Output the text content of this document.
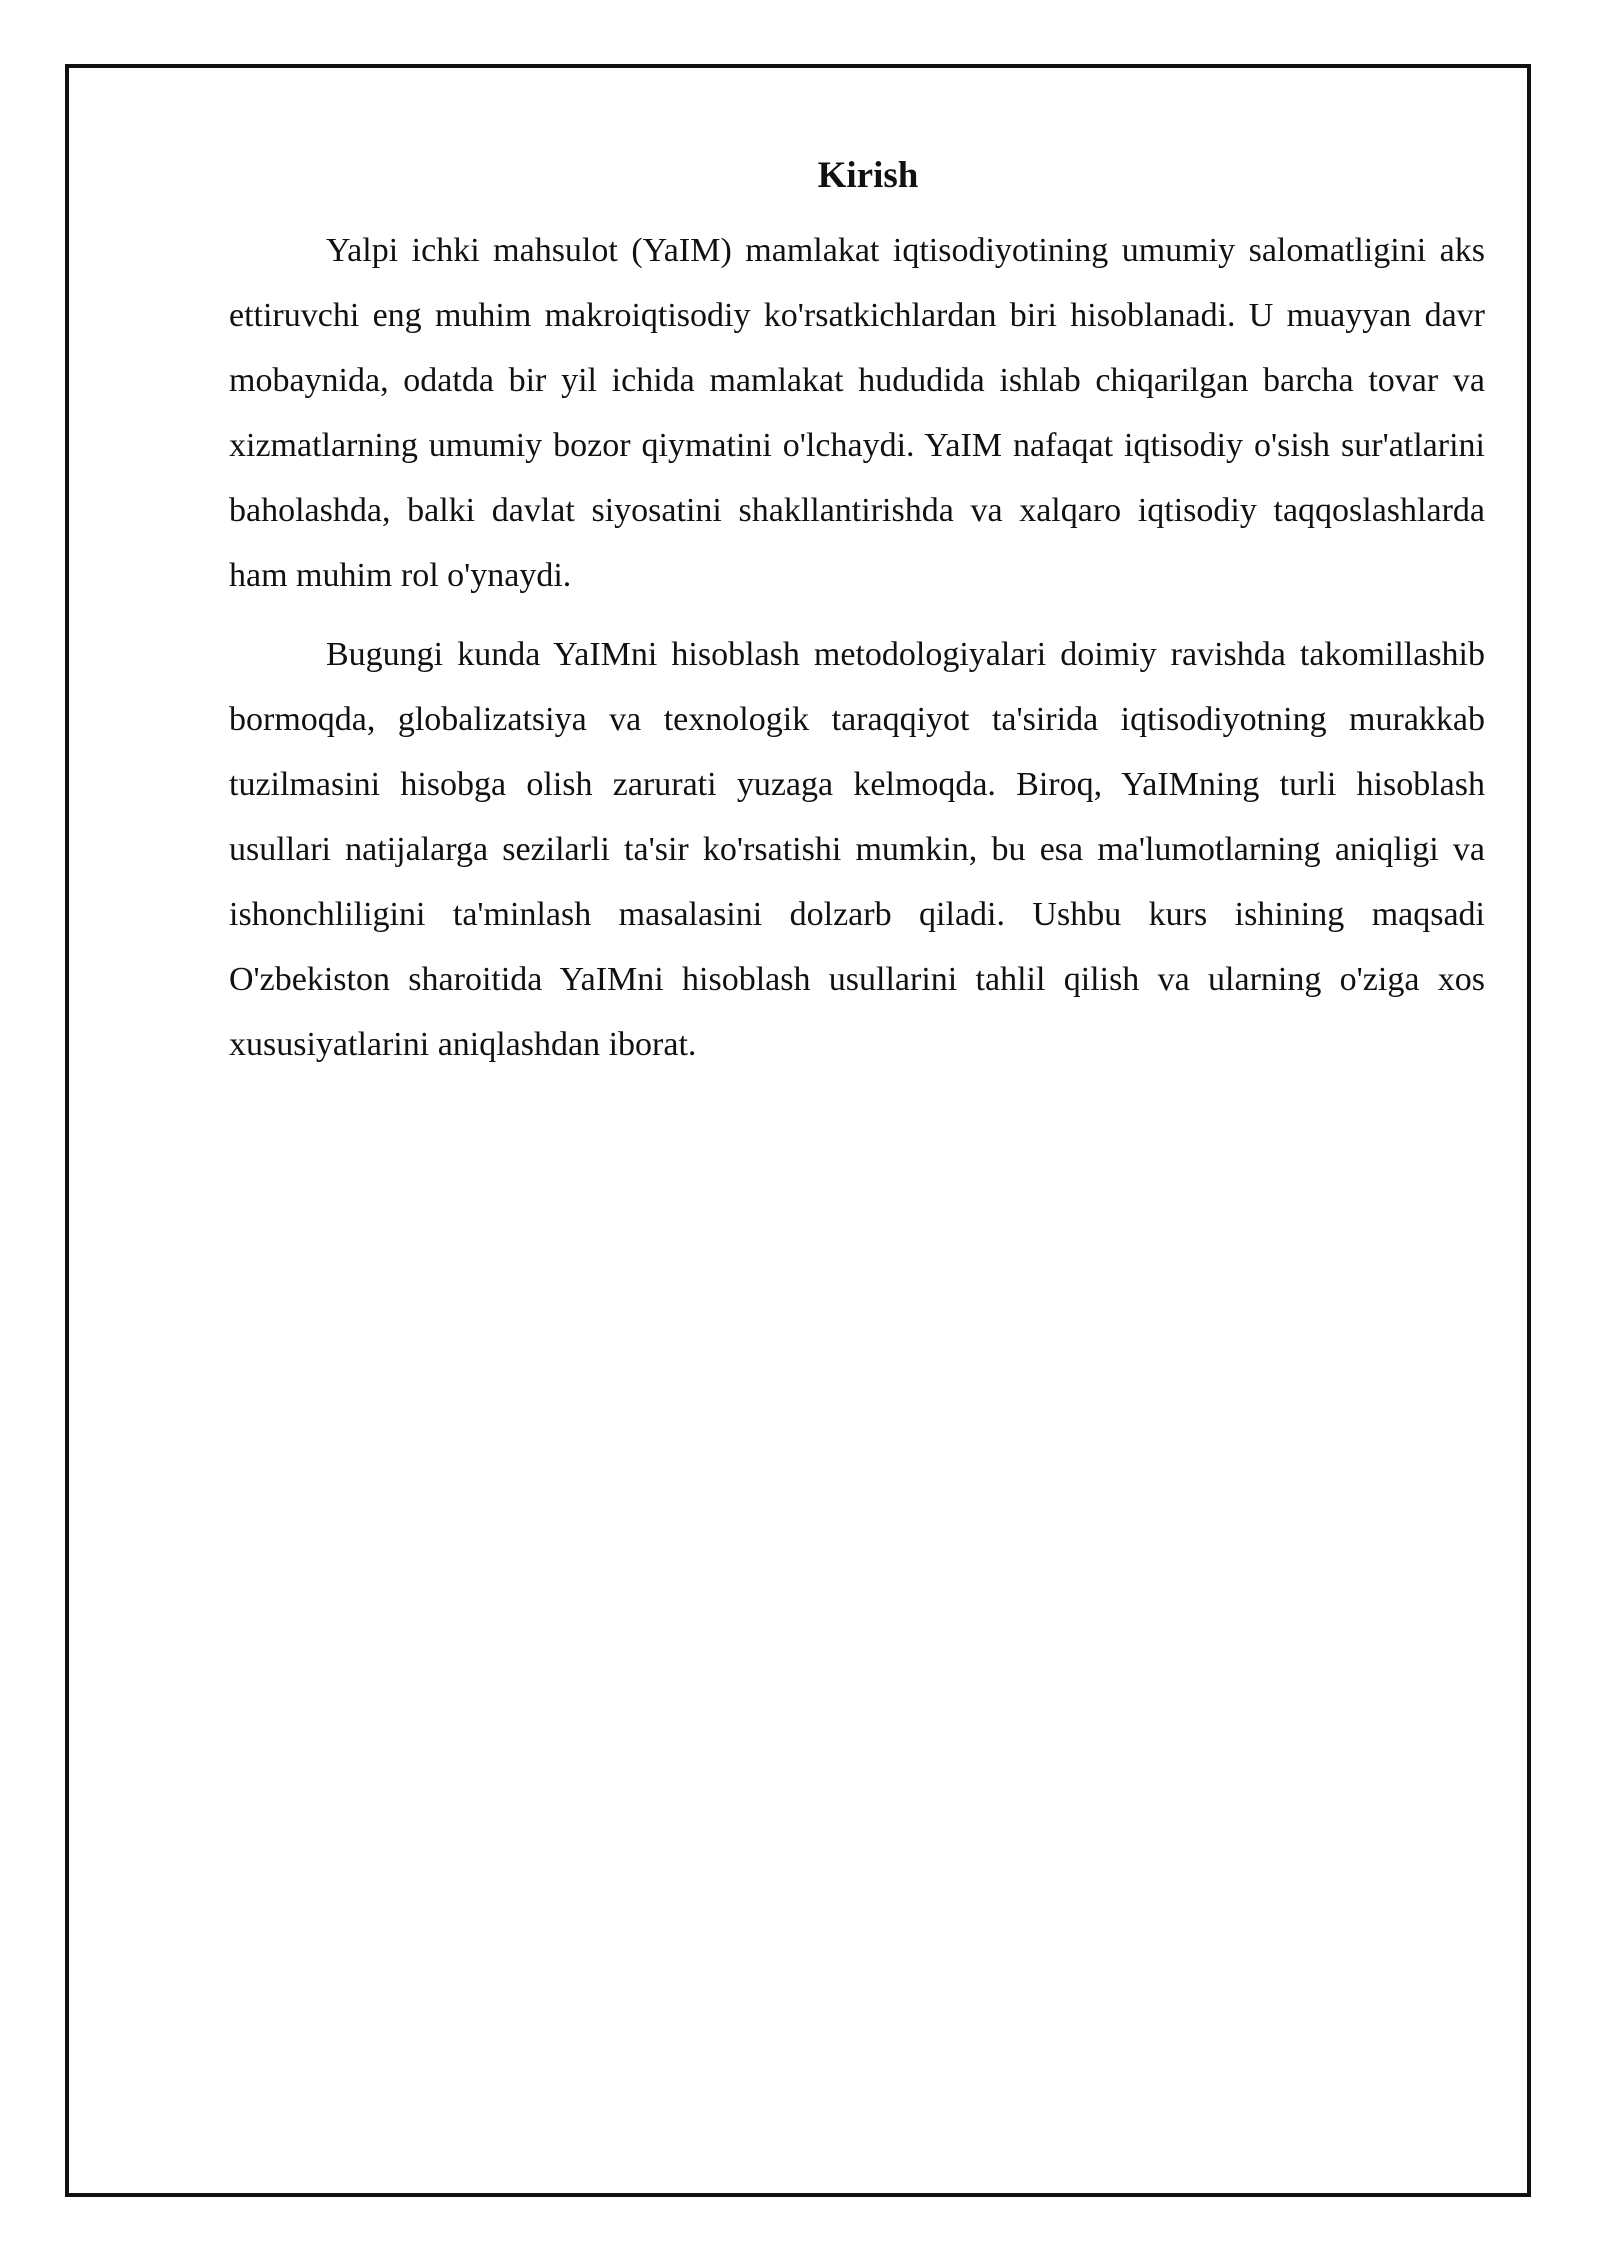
Kirish

Yalpi ichki mahsulot (YaIM) mamlakat iqtisodiyotining umumiy salomatligini aks ettiruvchi eng muhim makroiqtisodiy ko'rsatkichlardan biri hisoblanadi. U muayyan davr mobaynida, odatda bir yil ichida mamlakat hududida ishlab chiqarilgan barcha tovar va xizmatlarning umumiy bozor qiymatini o'lchaydi. YaIM nafaqat iqtisodiy o'sish sur'atlarini baholashda, balki davlat siyosatini shakllantirishda va xalqaro iqtisodiy taqqoslashlarda ham muhim rol o'ynaydi.

Bugungi kunda YaIMni hisoblash metodologiyalari doimiy ravishda takomillashib bormoqda, globalizatsiya va texnologik taraqqiyot ta'sirida iqtisodiyotning murakkab tuzilmasini hisobga olish zarurati yuzaga kelmoqda. Biroq, YaIMning turli hisoblash usullari natijalarga sezilarli ta'sir ko'rsatishi mumkin, bu esa ma'lumotlarning aniqligi va ishonchliligini ta'minlash masalasini dolzarb qiladi. Ushbu kurs ishining maqsadi O'zbekiston sharoitida YaIMni hisoblash usullarini tahlil qilish va ularning o'ziga xos xususiyatlarini aniqlashdan iborat.
